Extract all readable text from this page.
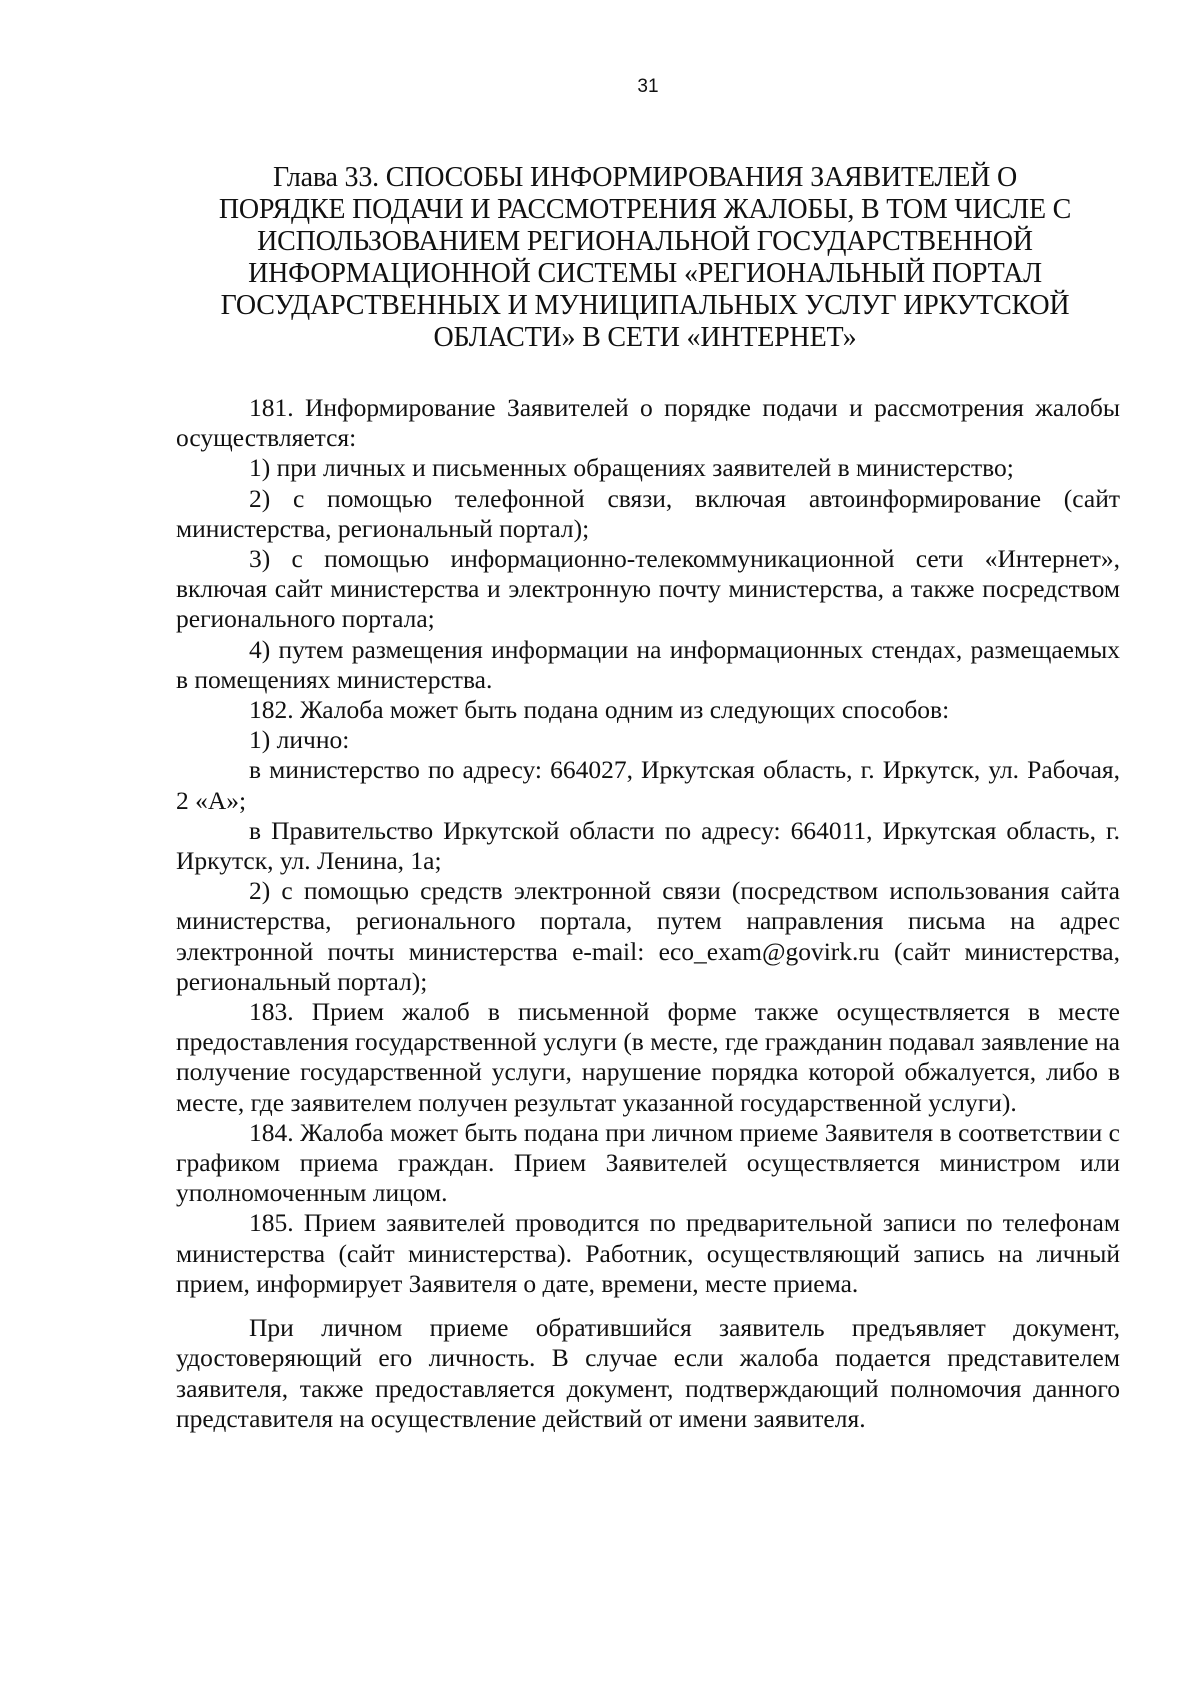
31
Глава 33. СПОСОБЫ ИНФОРМИРОВАНИЯ ЗАЯВИТЕЛЕЙ О
ПОРЯДКЕ ПОДАЧИ И РАССМОТРЕНИЯ ЖАЛОБЫ, В ТОМ ЧИСЛЕ С
ИСПОЛЬЗОВАНИЕМ РЕГИОНАЛЬНОЙ ГОСУДАРСТВЕННОЙ
ИНФОРМАЦИОННОЙ СИСТЕМЫ «РЕГИОНАЛЬНЫЙ ПОРТАЛ
ГОСУДАРСТВЕННЫХ И МУНИЦИПАЛЬНЫХ УСЛУГ ИРКУТСКОЙ
ОБЛАСТИ» В СЕТИ «ИНТЕРНЕТ»

181. Информирование Заявителей о порядке подачи и рассмотрения жалобы осуществляется:

1) при личных и письменных обращениях заявителей в министерство;

2) с помощью телефонной связи, включая автоинформирование (сайт министерства, региональный портал);

3) с помощью информационно-телекоммуникационной сети «Интернет», включая сайт министерства и электронную почту министерства, а также посредством регионального портала;

4) путем размещения информации на информационных стендах, размещаемых в помещениях министерства.

182. Жалоба может быть подана одним из следующих способов:

1) лично:

в министерство по адресу: 664027, Иркутская область, г. Иркутск, ул. Рабочая, 2 «А»;

в Правительство Иркутской области по адресу: 664011, Иркутская область, г. Иркутск, ул. Ленина, 1а;

2) с помощью средств электронной связи (посредством использования сайта министерства, регионального портала, путем направления письма на адрес электронной почты министерства e-mail: eco_exam@govirk.ru (сайт министерства, региональный портал);

183. Прием жалоб в письменной форме также осуществляется в месте предоставления государственной услуги (в месте, где гражданин подавал заявление на получение государственной услуги, нарушение порядка которой обжалуется, либо в месте, где заявителем получен результат указанной государственной услуги).

184. Жалоба может быть подана при личном приеме Заявителя в соответствии с графиком приема граждан. Прием Заявителей осуществляется министром или уполномоченным лицом.

185. Прием заявителей проводится по предварительной записи по телефонам министерства (сайт министерства). Работник, осуществляющий запись на личный прием, информирует Заявителя о дате, времени, месте приема.

При личном приеме обратившийся заявитель предъявляет документ, удостоверяющий его личность. В случае если жалоба подается представителем заявителя, также предоставляется документ, подтверждающий полномочия данного представителя на осуществление действий от имени заявителя.
